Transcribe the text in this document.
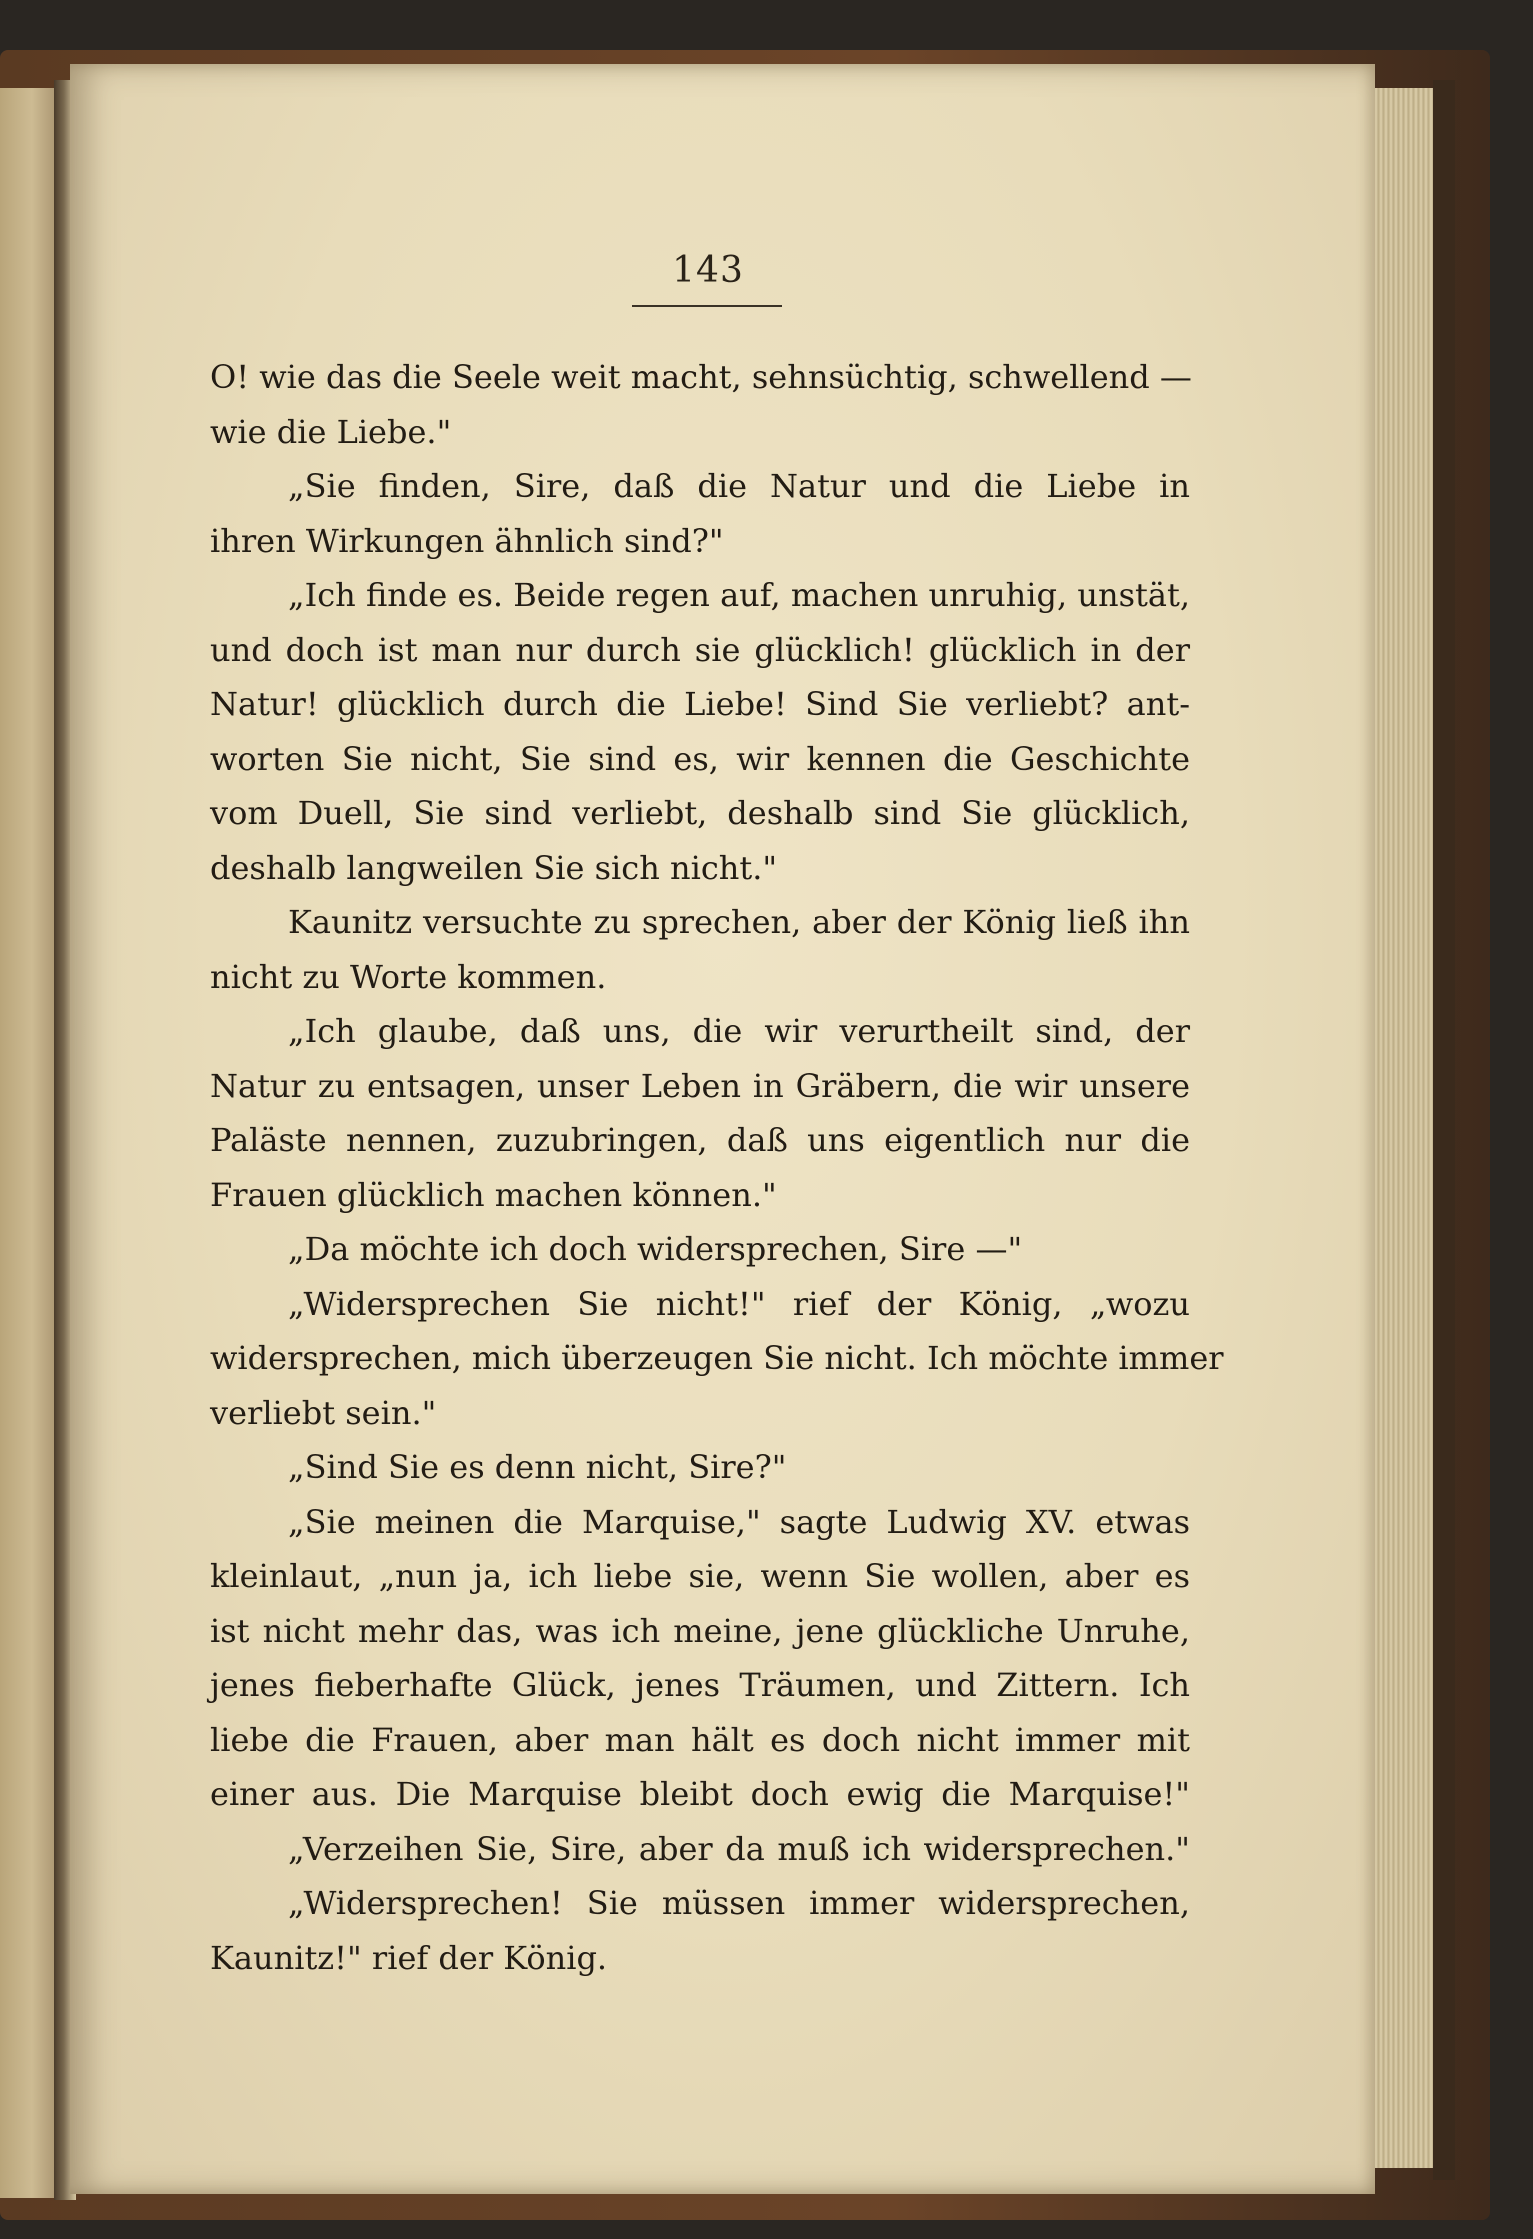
143
O! wie das die Seele weit macht, sehnsüchtig, schwellend —
wie die Liebe."
„Sie finden, Sire, daß die Natur und die Liebe in
ihren Wirkungen ähnlich sind?"
„Ich finde es. Beide regen auf, machen unruhig, unstät,
und doch ist man nur durch sie glücklich! glücklich in der
Natur! glücklich durch die Liebe! Sind Sie verliebt? ant-
worten Sie nicht, Sie sind es, wir kennen die Geschichte
vom Duell, Sie sind verliebt, deshalb sind Sie glücklich,
deshalb langweilen Sie sich nicht."
Kaunitz versuchte zu sprechen, aber der König ließ ihn
nicht zu Worte kommen.
„Ich glaube, daß uns, die wir verurtheilt sind, der
Natur zu entsagen, unser Leben in Gräbern, die wir unsere
Paläste nennen, zuzubringen, daß uns eigentlich nur die
Frauen glücklich machen können."
„Da möchte ich doch widersprechen, Sire —"
„Widersprechen Sie nicht!" rief der König, „wozu
widersprechen, mich überzeugen Sie nicht. Ich möchte immer
verliebt sein."
„Sind Sie es denn nicht, Sire?"
„Sie meinen die Marquise," sagte Ludwig XV. etwas
kleinlaut, „nun ja, ich liebe sie, wenn Sie wollen, aber es
ist nicht mehr das, was ich meine, jene glückliche Unruhe,
jenes fieberhafte Glück, jenes Träumen, und Zittern. Ich
liebe die Frauen, aber man hält es doch nicht immer mit
einer aus. Die Marquise bleibt doch ewig die Marquise!"
„Verzeihen Sie, Sire, aber da muß ich widersprechen."
„Widersprechen! Sie müssen immer widersprechen,
Kaunitz!" rief der König.
